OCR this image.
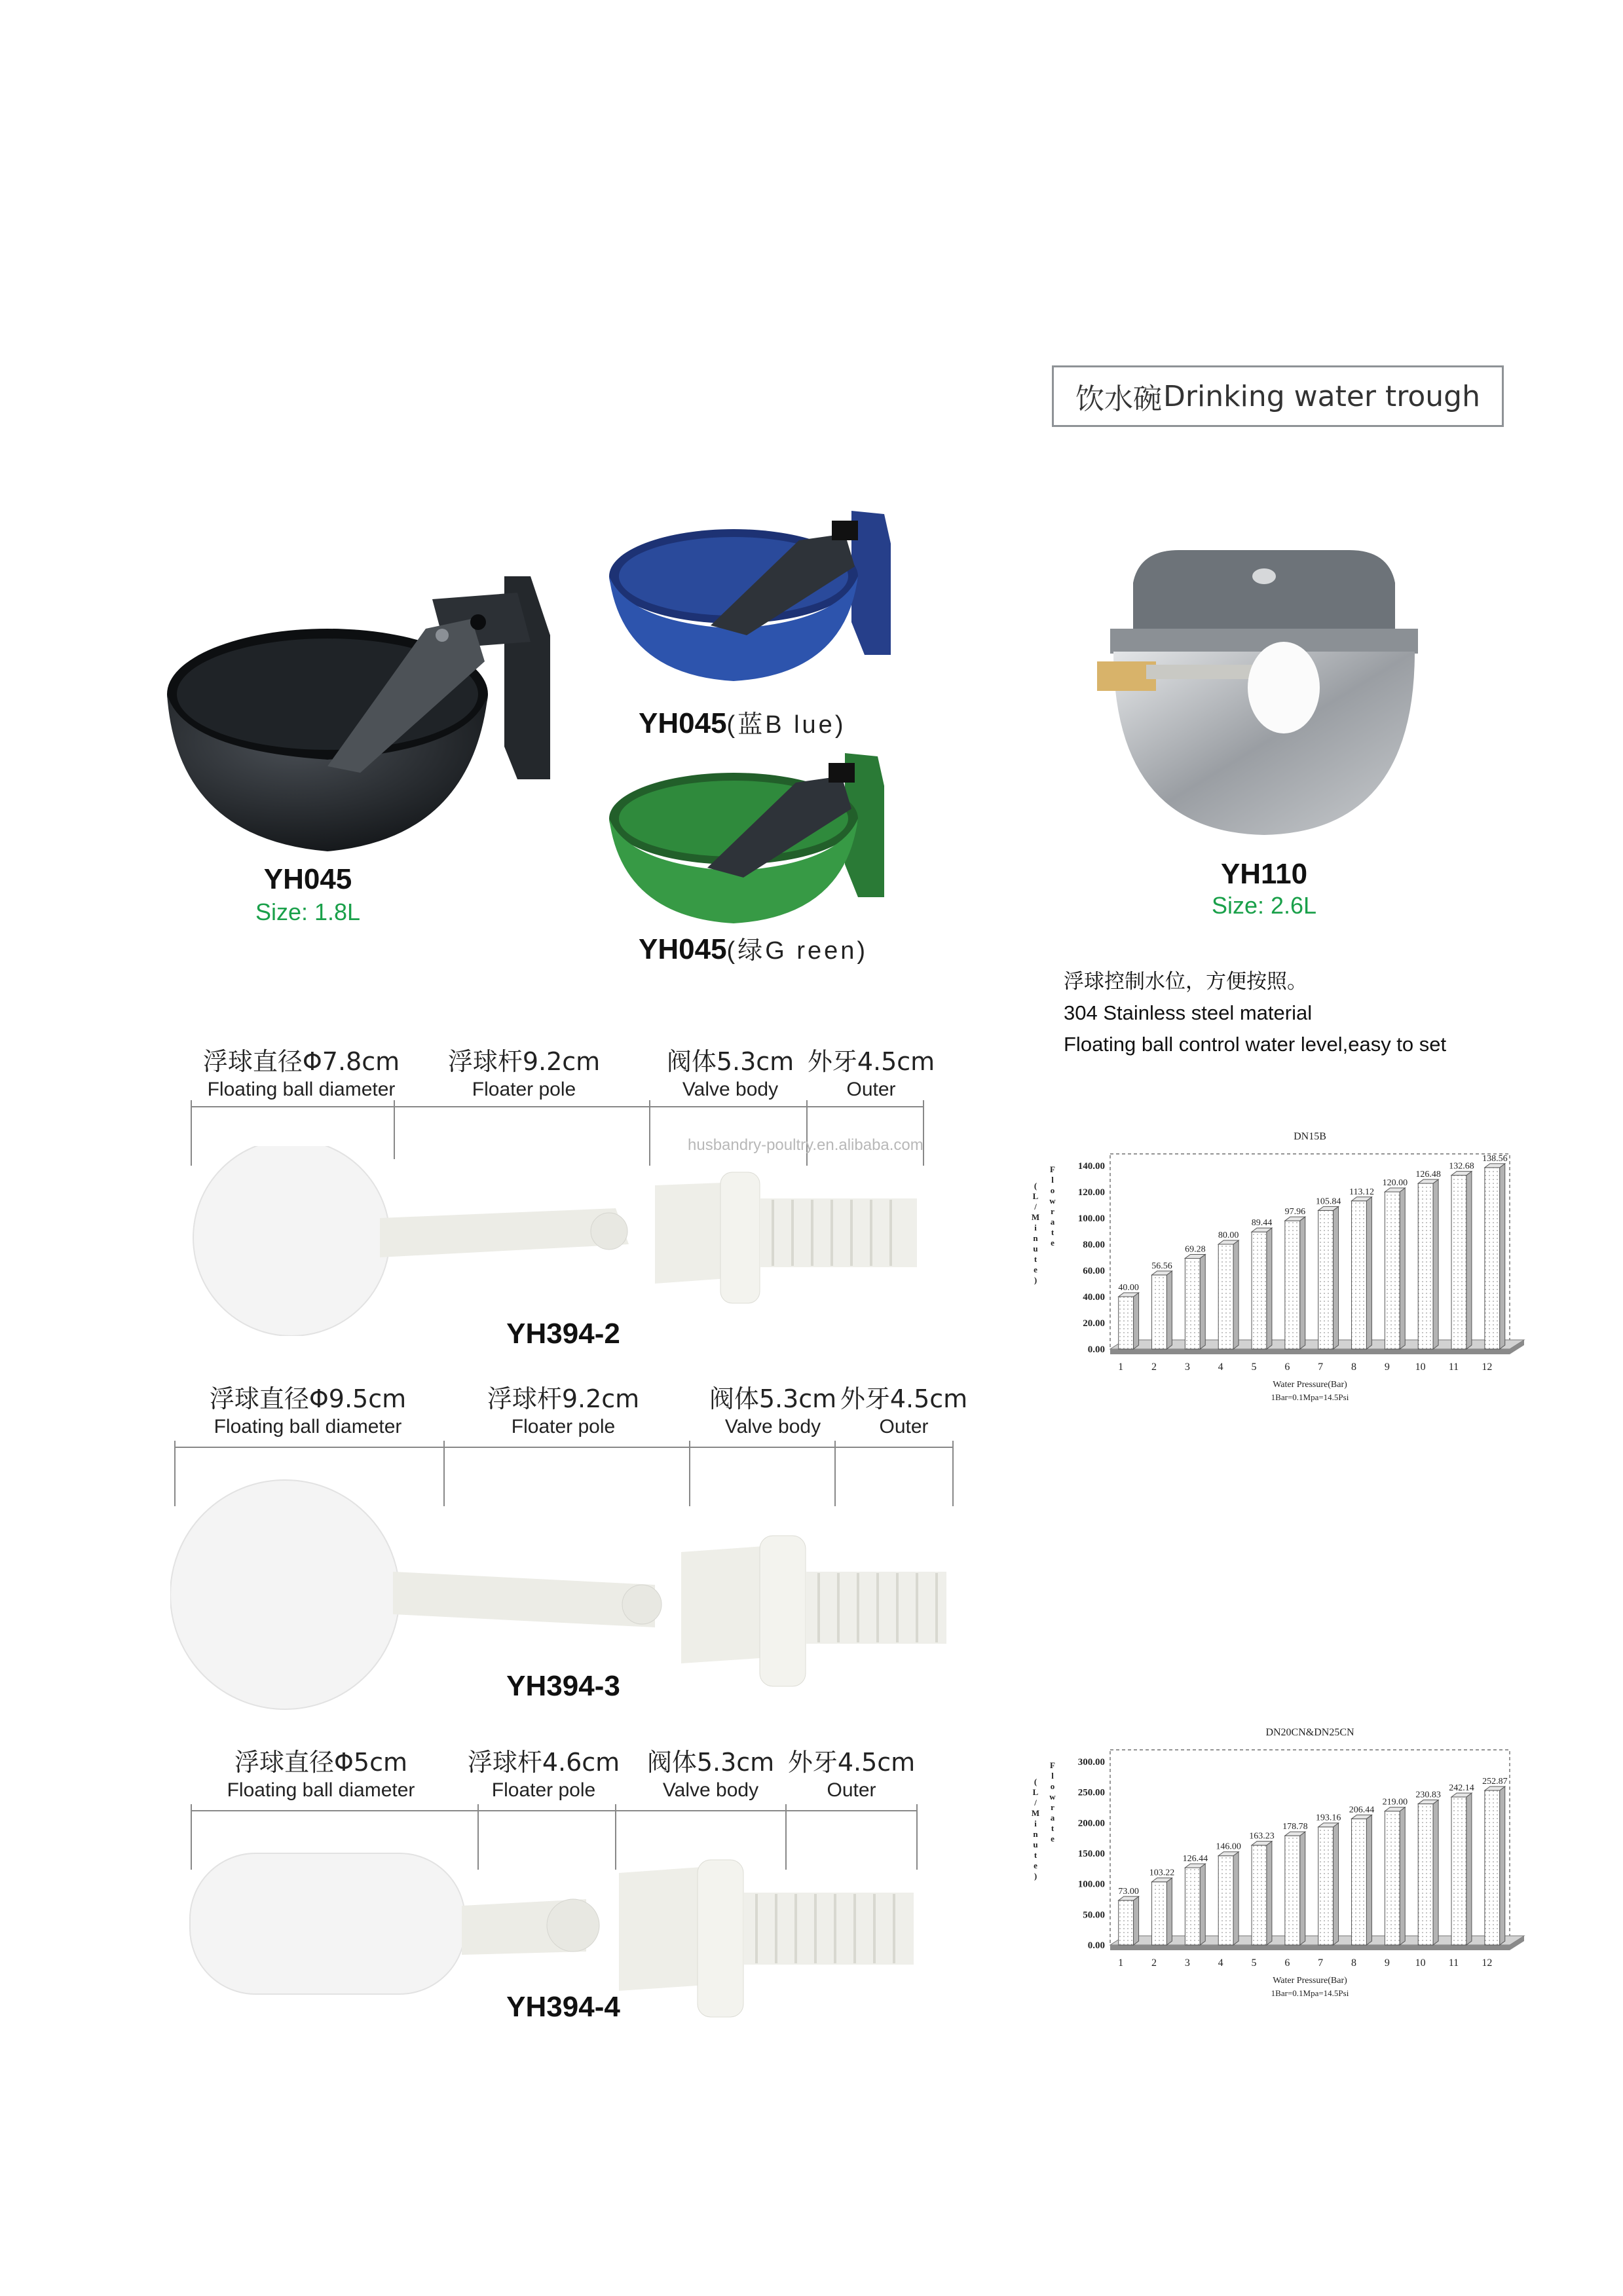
饮水碗 Drinking water trough
YH045
Size: 1.8L
YH045(蓝B lue)
YH045(绿G reen)
YH110
Size: 2.6L
浮球控制水位，方便按照。
304 Stainless steel material
Floating ball control water level,easy to set
浮球直径Φ7.8cm
Floating ball diameter
浮球杆9.2cm
Floater pole
阀体5.3cm
Valve body
外牙4.5cm
Outer
husbandry-poultry.en.alibaba.com
YH394-2
浮球直径Φ9.5cm
Floating ball diameter
浮球杆9.2cm
Floater pole
阀体5.3cm
Valve body
外牙4.5cm
Outer
YH394-3
浮球直径Φ5cm
Floating ball diameter
浮球杆4.6cm
Floater pole
阀体5.3cm
Valve body
外牙4.5cm
Outer
YH394-4
DN15B
0.00
20.00
40.00
60.00
80.00
100.00
120.00
140.00
(
L
/
M
i
n
u
t
e
)
F
l
o
w
r
a
t
e
40.00
1
56.56
2
69.28
3
80.00
4
89.44
5
97.96
6
105.84
7
113.12
8
120.00
9
126.48
10
132.68
11
138.56
12
Water Pressure(Bar)
1Bar=0.1Mpa=14.5Psi
DN20CN&DN25CN
0.00
50.00
100.00
150.00
200.00
250.00
300.00
(
L
/
M
i
n
u
t
e
)
F
l
o
w
r
a
t
e
73.00
1
103.22
2
126.44
3
146.00
4
163.23
5
178.78
6
193.16
7
206.44
8
219.00
9
230.83
10
242.14
11
252.87
12
Water Pressure(Bar)
1Bar=0.1Mpa=14.5Psi
